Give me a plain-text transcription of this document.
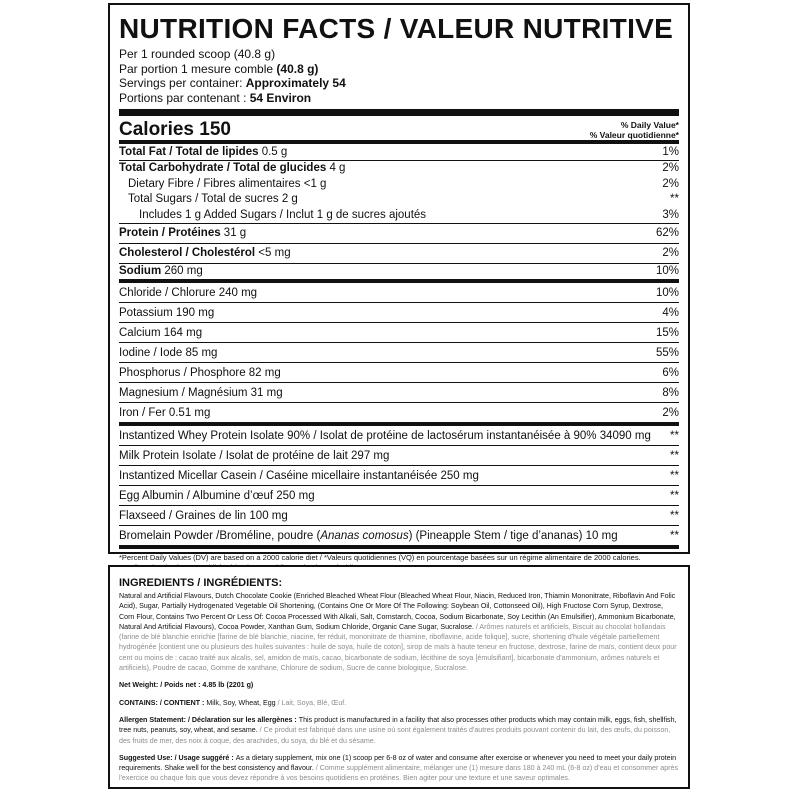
NUTRITION FACTS / VALEUR NUTRITIVE
Per 1 rounded scoop (40.8 g)
Par portion 1 mesure comble (40.8 g)
Servings per container: Approximately 54
Portions par contenant : 54 Environ
Calories 150	% Daily Value*
% Valeur quotidienne*
Total Fat / Total de lipides 0.5 g	1%
Total Carbohydrate / Total de glucides 4 g	2%
Dietary Fibre / Fibres alimentaires <1 g	2%
Total Sugars / Total de sucres 2 g	**
Includes 1 g Added Sugars / Inclut 1 g de sucres ajoutés	3%
Protein / Protéines 31 g	62%
Cholesterol / Cholestérol <5 mg	2%
Sodium 260 mg	10%
Chloride / Chlorure 240 mg	10%
Potassium 190 mg	4%
Calcium 164 mg	15%
Iodine / Iode 85 mg	55%
Phosphorus / Phosphore 82 mg	6%
Magnesium / Magnésium 31 mg	8%
Iron / Fer 0.51 mg	2%
Instantized Whey Protein Isolate 90% / Isolat de protéine de lactosérum instantanéisée à 90% 34090 mg **
Milk Protein Isolate / Isolat de protéine de lait 297 mg	**
Instantized Micellar Casein / Caséine micellaire instantanéisée 250 mg	**
Egg Albumin / Albumine d’œuf 250 mg	**
Flaxseed / Graines de lin 100 mg	**
Bromelain Powder /Broméline, poudre (Ananas comosus) (Pineapple Stem / tige d’ananas) 10 mg	**
*Percent Daily Values (DV) are based on a 2000 calorie diet / *Valeurs quotidiennes (VQ) en pourcentage basées sur un régime alimentaire de 2000 calories.
INGREDIENTS / INGRÉDIENTS:

Natural and Artificial Flavours, Dutch Chocolate Cookie (Enriched Bleached Wheat Flour (Bleached Wheat Flour, Niacin, Reduced Iron, Thiamin Mononitrate, Riboflavin And Folic Acid), Sugar, Partially Hydrogenated Vegetable Oil Shortening, (Contains One Or More Of The Following: Soybean Oil, Cottonseed Oil), High Fructose Corn Syrup, Dextrose, Corn Flour, Contains Two Percent Or Less Of: Cocoa Processed With Alkali, Salt, Cornstarch, Cocoa, Sodium Bicarbonate, Soy Lecithin (An Emulsifier), Ammonium Bicarbonate, Natural And Artificial Flavours), Cocoa Powder, Xanthan Gum, Sodium Chloride, Organic Cane Sugar, Sucralose. / Arômes naturels et artificiels, Biscuit au chocolat hollandais (farine de blé blanchie enrichie [farine de blé blanchie, niacine, fer réduit, mononitrate de thiamine, riboflavine, acide folique], sucre, shortening d'huile végétale partiellement hydrogénée [contient une ou plusieurs des huiles suivantes : huile de soya, huile de coton], sirop de maïs à haute teneur en fructose, dextrose, farine de maïs, contient deux pour cent ou moins de : cacao traité aux alcalis, sel, amidon de maïs, cacao, bicarbonate de sodium, lécithine de soya [émulsifiant], bicarbonate d'ammonium, arômes naturels et artificiels), Poudre de cacao, Gomme de xanthane, Chlorure de sodium, Sucre de canne biologique, Sucralose.

Net Weight: / Poids net : 4.85 lb (2201 g)

CONTAINS: / CONTIENT : Milk, Soy, Wheat, Egg / Lait, Soya, Blé, Œuf.

Allergen Statement: / Déclaration sur les allergènes : This product is manufactured in a facility that also processes other products which may contain milk, eggs, fish, shellfish, tree nuts, peanuts, soy, wheat, and sesame. / Ce produit est fabriqué dans une usine où sont également traités d'autres produits pouvant contenir du lait, des œufs, du poisson, des fruits de mer, des noix à coque, des arachides, du soya, du blé et du sésame.

Suggested Use: / Usage suggéré : As a dietary supplement, mix one (1) scoop per 6-8 oz of water and consume after exercise or whenever you need to meet your daily protein requirements. Shake well for the best consistency and flavour. / Comme supplément alimentaire, mélanger une (1) mesure dans 180 à 240 mL (6-8 oz) d'eau et consommer après l'exercice ou chaque fois que vous devez répondre à vos besoins quotidiens en protéines. Bien agiter pour une texture et une saveur optimales.
